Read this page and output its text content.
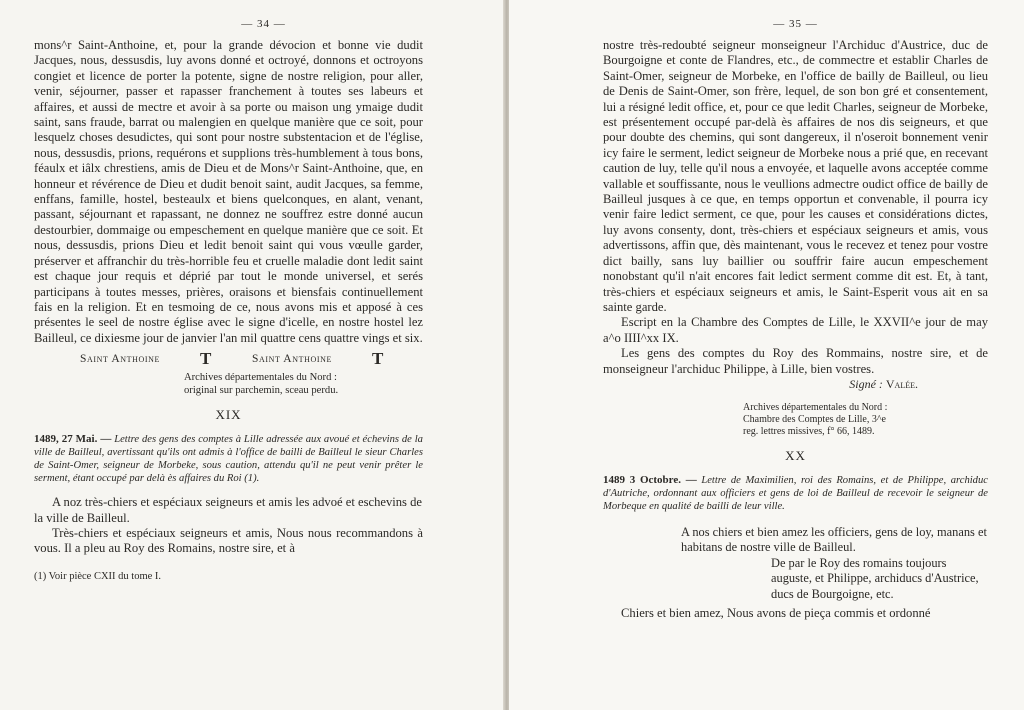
— 34 —

mons^r Saint-Anthoine, et, pour la grande dévocion et bonne vie dudit Jacques, nous, dessusdis, luy avons donné et octroyé, donnons et octroyons congiet et licence de porter la potente, signe de nostre religion, pour aller, venir, séjourner, passer et rapasser franchement à toutes ses labeurs et affaires, et aussi de mectre et avoir à sa porte ou maison ung ymaige dudit saint, sans fraude, barrat ou malengien en quelque manière que ce soit, pour lesquelz choses desudictes, qui sont pour nostre substentacion et de l'église, nous, dessusdis, prions, requérons et supplions très-humblement à tous bons, féaulx et iâlx chrestiens, amis de Dieu et de Mons^r Saint-Anthoine, que, en honneur et révérence de Dieu et dudit benoit saint, audit Jacques, sa femme, enffans, famille, hostel, besteaulx et biens quelconques, en alant, venant, passant, séjournant et rapassant, ne donnez ne souffrez estre donné aucun destourbier, dommaige ou empeschement en quelque manière que ce soit. Et nous, dessusdis, prions Dieu et ledit benoit saint qui vous vœulle garder, préserver et affranchir du très-horrible feu et cruelle maladie dont ledit saint est chaque jour requis et déprié par tout le monde universel, et serés participans à toutes messes, prières, oraisons et biensfais continuellement fais en la religion. Et en tesmoing de ce, nous avons mis et apposé à ces présentes le seel de nostre église avec le signe d'icelle, en nostre hostel lez Bailleul, ce dixiesme jour de janvier l'an mil quattre cens quattre vings et six.

Saint Anthoine T	Saint Anthoine T
Archives départementales du Nord :
original sur parchemin, sceau perdu.
XIX
1489, 27 Mai. — Lettre des gens des comptes à Lille adressée aux avoué et échevins de la ville de Bailleul, avertissant qu'ils ont admis à l'office de bailli de Bailleul le sieur Charles de Saint-Omer, seigneur de Morbeke, sous caution, attendu qu'il ne peut venir prêter le serment, étant occupé par delà ès affaires du Roi (1).
A noz très-chiers et espéciaux seigneurs et amis les advoé et eschevins de la ville de Bailleul.
Très-chiers et espéciaux seigneurs et amis, Nous nous recommandons à vous. Il a pleu au Roy des Romains, nostre sire, et à
(1) Voir pièce CXII du tome I.
— 35 —

nostre très-redoubté seigneur monseigneur l'Archiduc d'Austrice, duc de Bourgoigne et conte de Flandres, etc., de commectre et establir Charles de Saint-Omer, seigneur de Morbeke, en l'office de bailly de Bailleul, ou lieu de Denis de Saint-Omer, son frère, lequel, de son bon gré et consentement, lui a résigné ledit office, et, pour ce que ledit Charles, seigneur de Morbeke, est présentement occupé par-delà ès affaires de nos dis seigneurs, et que pour doubte des chemins, qui sont dangereux, il n'oseroit bonnement venir icy faire le serment, ledict seigneur de Morbeke nous a prié que, en recevant caution de luy, telle qu'il nous a envoyée, et laquelle avons acceptée comme vallable et souffissante, nous le veullions admectre oudict office de bailly de Bailleul jusques à ce que, en temps opportun et convenable, il pourra icy venir faire ledict serment, ce que, pour les causes et considérations dictes, luy avons consenty, dont, très-chiers et espéciaux seigneurs et amis, vous advertissons, affin que, dès maintenant, vous le recevez et tenez pour vostre dict bailly, sans luy baillier ou souffrir faire aucun empeschement nonobstant qu'il n'ait encores fait ledict serment comme dit est. Et, à tant, très-chiers et espéciaux seigneurs et amis, le Saint-Esperit vous ait en sa sainte garde.

Escript en la Chambre des Comptes de Lille, le XXVII^e jour de may a^o IIII^xx IX.

Les gens des comptes du Roy des Rommains, nostre sire, et de monseigneur l'archiduc Philippe, à Lille, bien vostres.

Signé : Valée.
Archives départementales du Nord :
Chambre des Comptes de Lille, 3^e
reg. lettres missives, f° 66, 1489.
XX
1489 3 Octobre. — Lettre de Maximilien, roi des Romains, et de Philippe, archiduc d'Autriche, ordonnant aux officiers et gens de loi de Bailleul de recevoir le seigneur de Morbeque en qualité de bailli de leur ville.
A nos chiers et bien amez les officiers, gens de loy, manans et habitans de nostre ville de Bailleul.
De par le Roy des romains toujours auguste, et Philippe, archiducs d'Austrice, ducs de Bourgoigne, etc.
Chiers et bien amez, Nous avons de pieça commis et ordonné
